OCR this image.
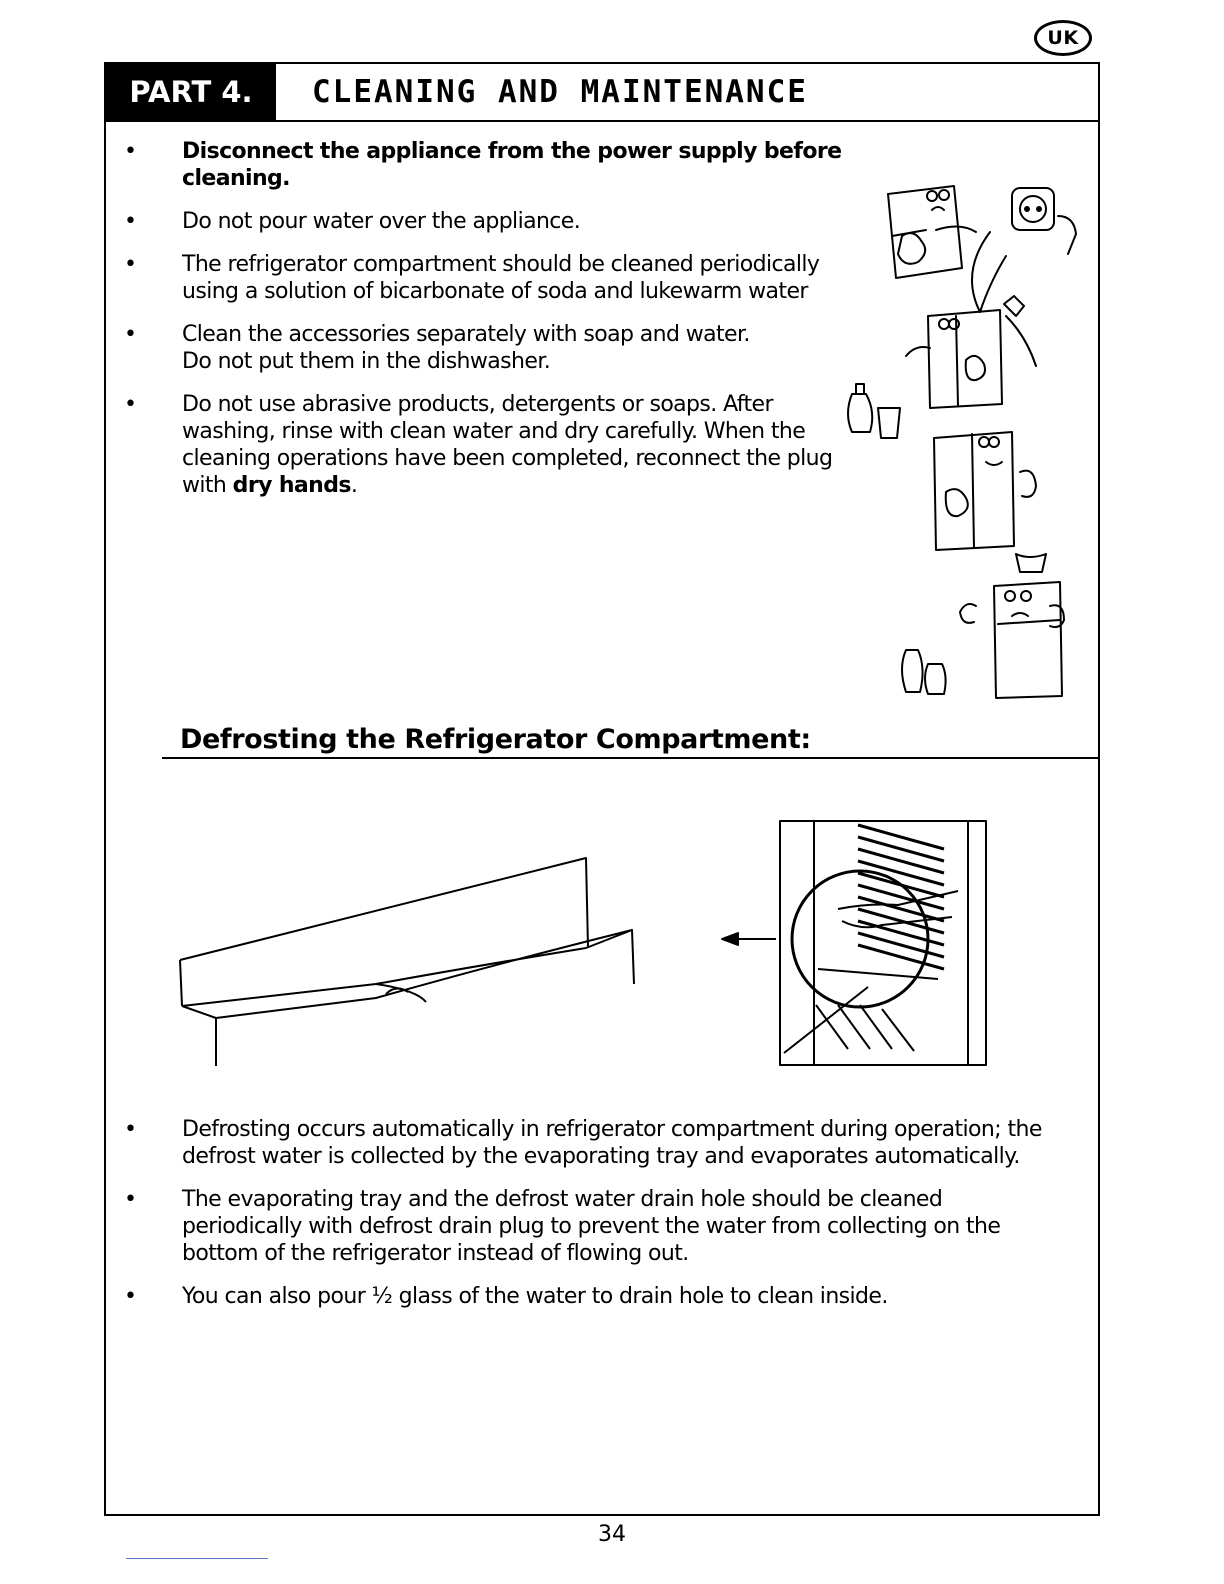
UK
PART 4.	CLEANING AND MAINTENANCE
• Disconnect the appliance from the power supply before cleaning.
• Do not pour water over the appliance.
• The refrigerator compartment should be cleaned periodically using a solution of bicarbonate of soda and lukewarm water
• Clean the accessories separately with soap and water.
Do not put them in the dishwasher.
• Do not use abrasive products, detergents or soaps. After washing, rinse with clean water and dry carefully. When the cleaning operations have been completed, reconnect the plug with dry hands.
Defrosting the Refrigerator Compartment:
• Defrosting occurs automatically in refrigerator compartment during operation; the defrost water is collected by the evaporating tray and evaporates automatically.
• The evaporating tray and the defrost water drain hole should be cleaned periodically with defrost drain plug to prevent the water from collecting on the bottom of the refrigerator instead of flowing out.
• You can also pour ½ glass of the water to drain hole to clean inside.
34
